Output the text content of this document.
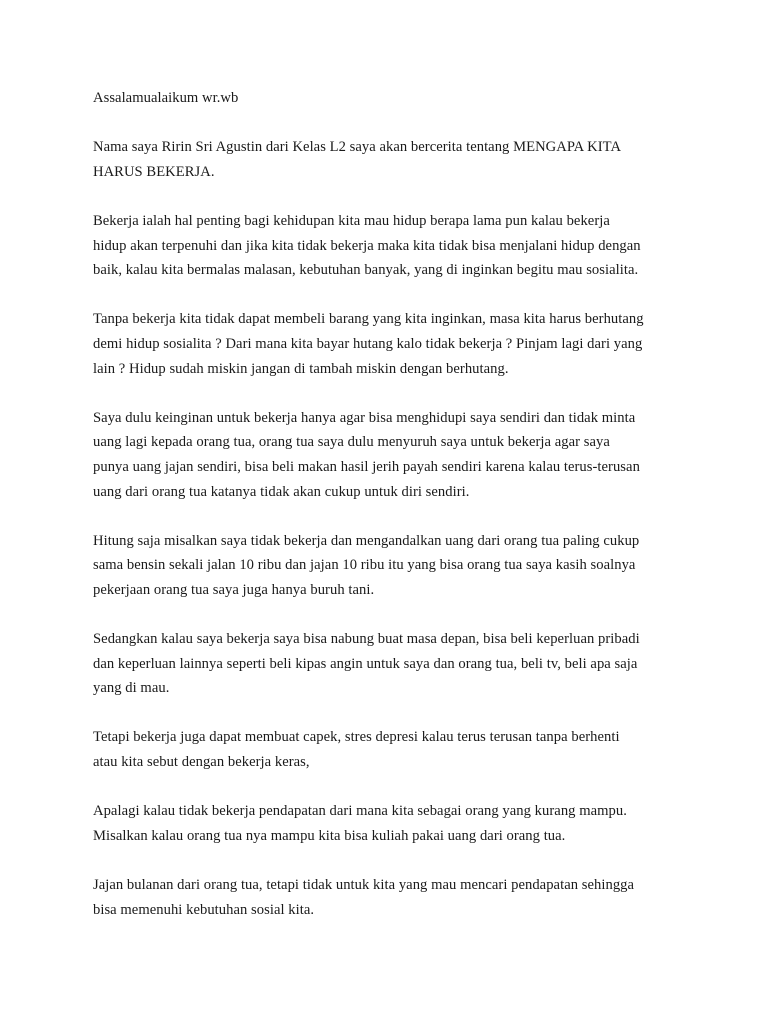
Assalamualaikum wr.wb

Nama saya Ririn Sri Agustin dari Kelas L2 saya akan bercerita tentang MENGAPA KITA
HARUS BEKERJA.

Bekerja ialah hal penting bagi kehidupan kita mau hidup berapa lama pun kalau bekerja
hidup akan terpenuhi dan jika kita tidak bekerja maka kita tidak bisa menjalani hidup dengan
baik, kalau kita bermalas malasan, kebutuhan banyak, yang di inginkan begitu mau sosialita.

Tanpa bekerja kita tidak dapat membeli barang yang kita inginkan, masa kita harus berhutang
demi hidup sosialita ? Dari mana kita bayar hutang kalo tidak bekerja ? Pinjam lagi dari yang
lain ? Hidup sudah miskin jangan di tambah miskin dengan berhutang.

Saya dulu keinginan untuk bekerja hanya agar bisa menghidupi saya sendiri dan tidak minta
uang lagi kepada orang tua, orang tua saya dulu menyuruh saya untuk bekerja agar saya
punya uang jajan sendiri, bisa beli makan hasil jerih payah sendiri karena kalau terus-terusan
uang dari orang tua katanya tidak akan cukup untuk diri sendiri.

Hitung saja misalkan saya tidak bekerja dan mengandalkan uang dari orang tua paling cukup
sama bensin sekali jalan 10 ribu dan jajan 10 ribu itu yang bisa orang tua saya kasih soalnya
pekerjaan orang tua saya juga hanya buruh tani.

Sedangkan kalau saya bekerja saya bisa nabung buat masa depan, bisa beli keperluan pribadi
dan keperluan lainnya seperti beli kipas angin untuk saya dan orang tua, beli tv, beli apa saja
yang di mau.

Tetapi bekerja juga dapat membuat capek, stres depresi kalau terus terusan tanpa berhenti
atau kita sebut dengan bekerja keras,

Apalagi kalau tidak bekerja pendapatan dari mana kita sebagai orang yang kurang mampu.
Misalkan kalau orang tua nya mampu kita bisa kuliah pakai uang dari orang tua.

Jajan bulanan dari orang tua, tetapi tidak untuk kita yang mau mencari pendapatan sehingga
bisa memenuhi kebutuhan sosial kita.
